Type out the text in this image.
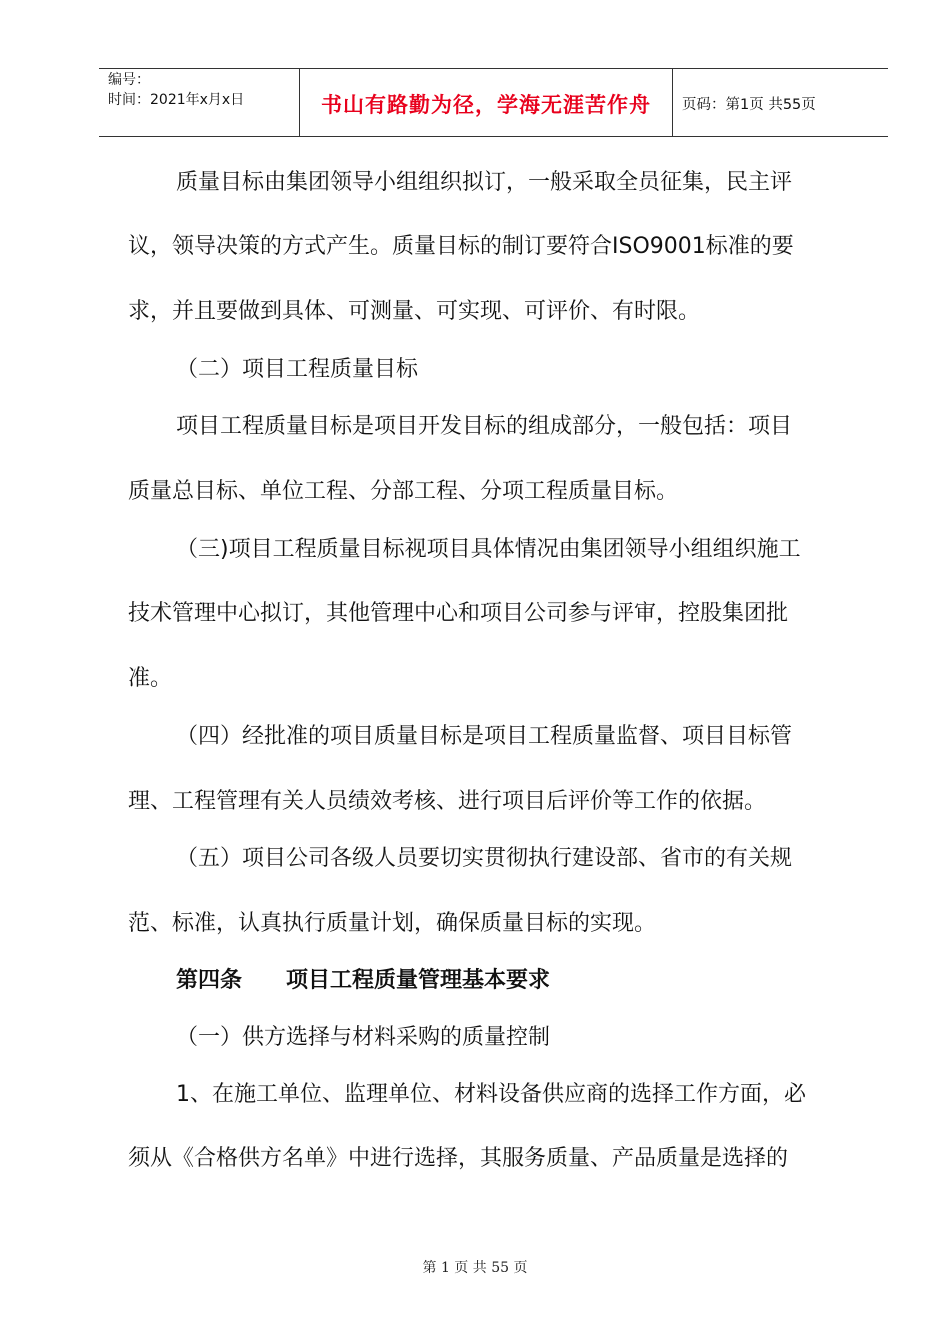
编号：
时间：2021年x月x日	书山有路勤为径，学海无涯苦作舟	页码：第1页 共55页
质量目标由集团领导小组组织拟订，一般采取全员征集，民主评
议，领导决策的方式产生。质量目标的制订要符合ISO9001标准的要
求，并且要做到具体、可测量、可实现、可评价、有时限。
（二）项目工程质量目标
项目工程质量目标是项目开发目标的组成部分，一般包括：项目
质量总目标、单位工程、分部工程、分项工程质量目标。
（三)项目工程质量目标视项目具体情况由集团领导小组组织施工
技术管理中心拟订，其他管理中心和项目公司参与评审，控股集团批
准。
（四）经批准的项目质量目标是项目工程质量监督、项目目标管
理、工程管理有关人员绩效考核、进行项目后评价等工作的依据。
（五）项目公司各级人员要切实贯彻执行建设部、省市的有关规
范、标准，认真执行质量计划，确保质量目标的实现。
第四条　　项目工程质量管理基本要求
（一）供方选择与材料采购的质量控制
1、在施工单位、监理单位、材料设备供应商的选择工作方面，必
须从《合格供方名单》中进行选择，其服务质量、产品质量是选择的
第 1 页 共 55 页
